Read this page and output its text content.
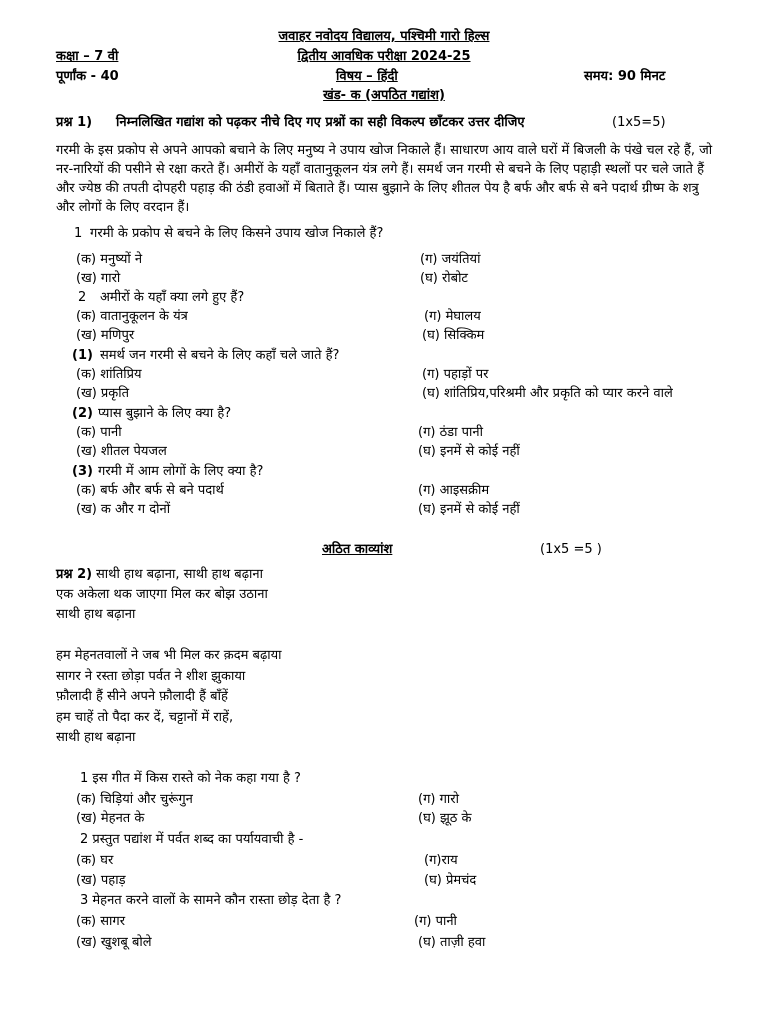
जवाहर नवोदय विद्यालय, पश्चिमी गारो हिल्स
कक्षा – 7 वी	द्वितीय आवधिक परीक्षा 2024-25
पूर्णांक - 40	विषय – हिंदी	समय: 90 मिनट
खंड- क (अपठित गद्यांश)
प्रश्न 1) निम्नलिखित गद्यांश को पढ़कर नीचे दिए गए प्रश्नों का सही विकल्प छाँटकर उत्तर दीजिए	(1x5=5)
गरमी के इस प्रकोप से अपने आपको बचाने के लिए मनुष्य ने उपाय खोज निकाले हैं। साधारण आय वाले घरों में बिजली के पंखे चल रहे हैं, जो नर-नारियों की पसीने से रक्षा करते हैं। अमीरों के यहाँ वातानुकूलन यंत्र लगे हैं। समर्थ जन गरमी से बचने के लिए पहाड़ी स्थलों पर चले जाते हैं और ज्येष्ठ की तपती दोपहरी पहाड़ की ठंडी हवाओं में बिताते हैं। प्यास बुझाने के लिए शीतल पेय है बर्फ और बर्फ से बने पदार्थ ग्रीष्म के शत्रु और लोगों के लिए वरदान हैं।
1 गरमी के प्रकोप से बचने के लिए किसने उपाय खोज निकाले हैं?
(क) मनुष्यों ने	(ग) जयंतियां
(ख) गारो	(घ) रोबोट
2 अमीरों के यहाँ क्या लगे हुए हैं?
(क) वातानुकूलन के यंत्र	(ग) मेघालय
(ख) मणिपुर	(घ) सिक्किम
(1) समर्थ जन गरमी से बचने के लिए कहाँ चले जाते हैं?
(क) शांतिप्रिय	(ग) पहाड़ों पर
(ख) प्रकृति	(घ) शांतिप्रिय,परिश्रमी और प्रकृति को प्यार करने वाले
(2) प्यास बुझाने के लिए क्या है?
(क) पानी	(ग) ठंडा पानी
(ख) शीतल पेयजल	(घ) इनमें से कोई नहीं
(3) गरमी में आम लोगों के लिए क्या है?
(क) बर्फ और बर्फ से बने पदार्थ	(ग) आइसक्रीम
(ख) क और ग दोनों	(घ) इनमें से कोई नहीं
अठित काव्यांश	(1x5 =5 )
प्रश्न 2) साथी हाथ बढ़ाना, साथी हाथ बढ़ाना
एक अकेला थक जाएगा मिल कर बोझ उठाना
साथी हाथ बढ़ाना
हम मेहनतवालों ने जब भी मिल कर क़दम बढ़ाया
सागर ने रस्ता छोड़ा पर्वत ने शीश झुकाया
फ़ौलादी हैं सीने अपने फ़ौलादी हैं बाँहें
हम चाहें तो पैदा कर दें, चट्टानों में राहें,
साथी हाथ बढ़ाना
1 इस गीत में किस रास्ते को नेक कहा गया है ?
(क) चिड़ियां और चुरूंगुन	(ग) गारो
(ख) मेहनत के	(घ) झूठ के
2 प्रस्तुत पद्यांश में पर्वत शब्द का पर्यायवाची है -
(क) घर	(ग)राय
(ख) पहाड़	(घ) प्रेमचंद
3 मेहनत करने वालों के सामने कौन रास्ता छोड़ देता है ?
(क) सागर	(ग) पानी
(ख) खुशबू बोले	(घ) ताज़ी हवा
